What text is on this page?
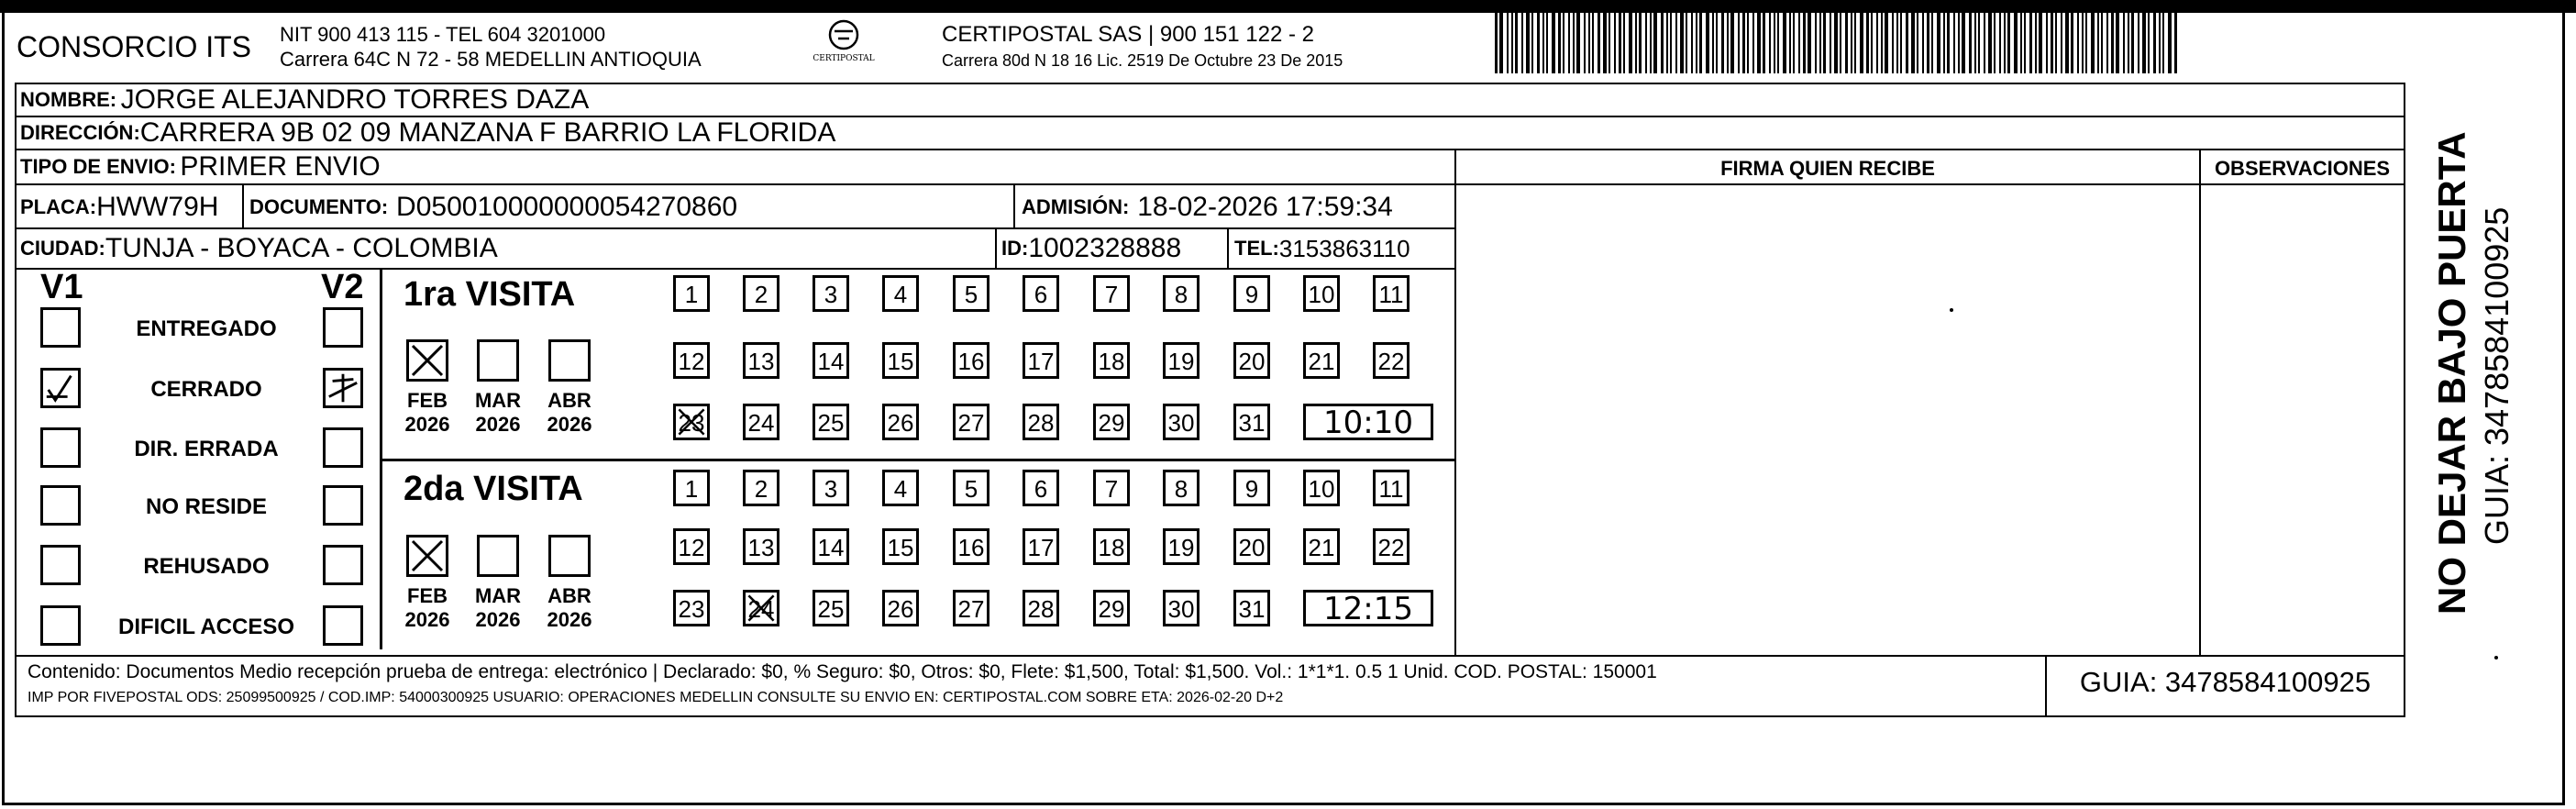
CONSORCIO ITS NIT 900 413 115 - TEL 604 3201000
Carrera 64C N 72 - 58 MEDELLIN ANTIOQUIA	CERTIPOSTAL
CERTIPOSTAL SAS | 900 151 122 - 2
Carrera 80d N 18 16 Lic. 2519 De Octubre 23 De 2015
NOMBRE:
JORGE ALEJANDRO TORRES DAZA
DIRECCIÓN: CARRERA 9B 02 09 MANZANA F BARRIO LA FLORIDA
TIPO DE ENVIO:
PRIMER ENVIO	FIRMA QUIEN RECIBE	OBSERVACIONES
PLACA: HWW79H DOCUMENTO:
D050010000000054270860	ADMISIÓN:
18-02-2026 17:59:34
CIUDAD: TUNJA - BOYACA - COLOMBIA	ID: 1002328888	TEL: 3153863110
V1	V2
ENTREGADO
CERRADO
DIR. ERRADA
NO RESIDE
REHUSADO
DIFICIL ACCESO
1ra VISITA
2da VISITA
FEB
2026
MAR
2026
ABR
2026
FEB
2026
MAR
2026
ABR
2026
1	2	3	4	5	6	7	8	9	10 11
12 13 14 15 16 17 18 19 20 21 22
23 24 25 26 27 28 29 30 31	10:10
1	2	3	4	5	6	7	8	9	10 11
12 13 14 15 16 17 18 19 20 21 22
23 24 25 26 27 28 29 30 31	12:15
Contenido: Documentos Medio recepción prueba de entrega: electrónico | Declarado: $0, % Seguro: $0, Otros: $0, Flete: $1,500, Total: $1,500. Vol.: 1*1*1. 0.5 1 Unid. COD. POSTAL: 150001
IMP POR FIVEPOSTAL ODS: 25099500925 / COD.IMP: 54000300925 USUARIO: OPERACIONES MEDELLIN CONSULTE SU ENVIO EN: CERTIPOSTAL.COM SOBRE ETA: 2026-02-20 D+2	GUIA: 3478584100925
NO DEJAR BAJO PUERTA GUIA: 3478584100925
